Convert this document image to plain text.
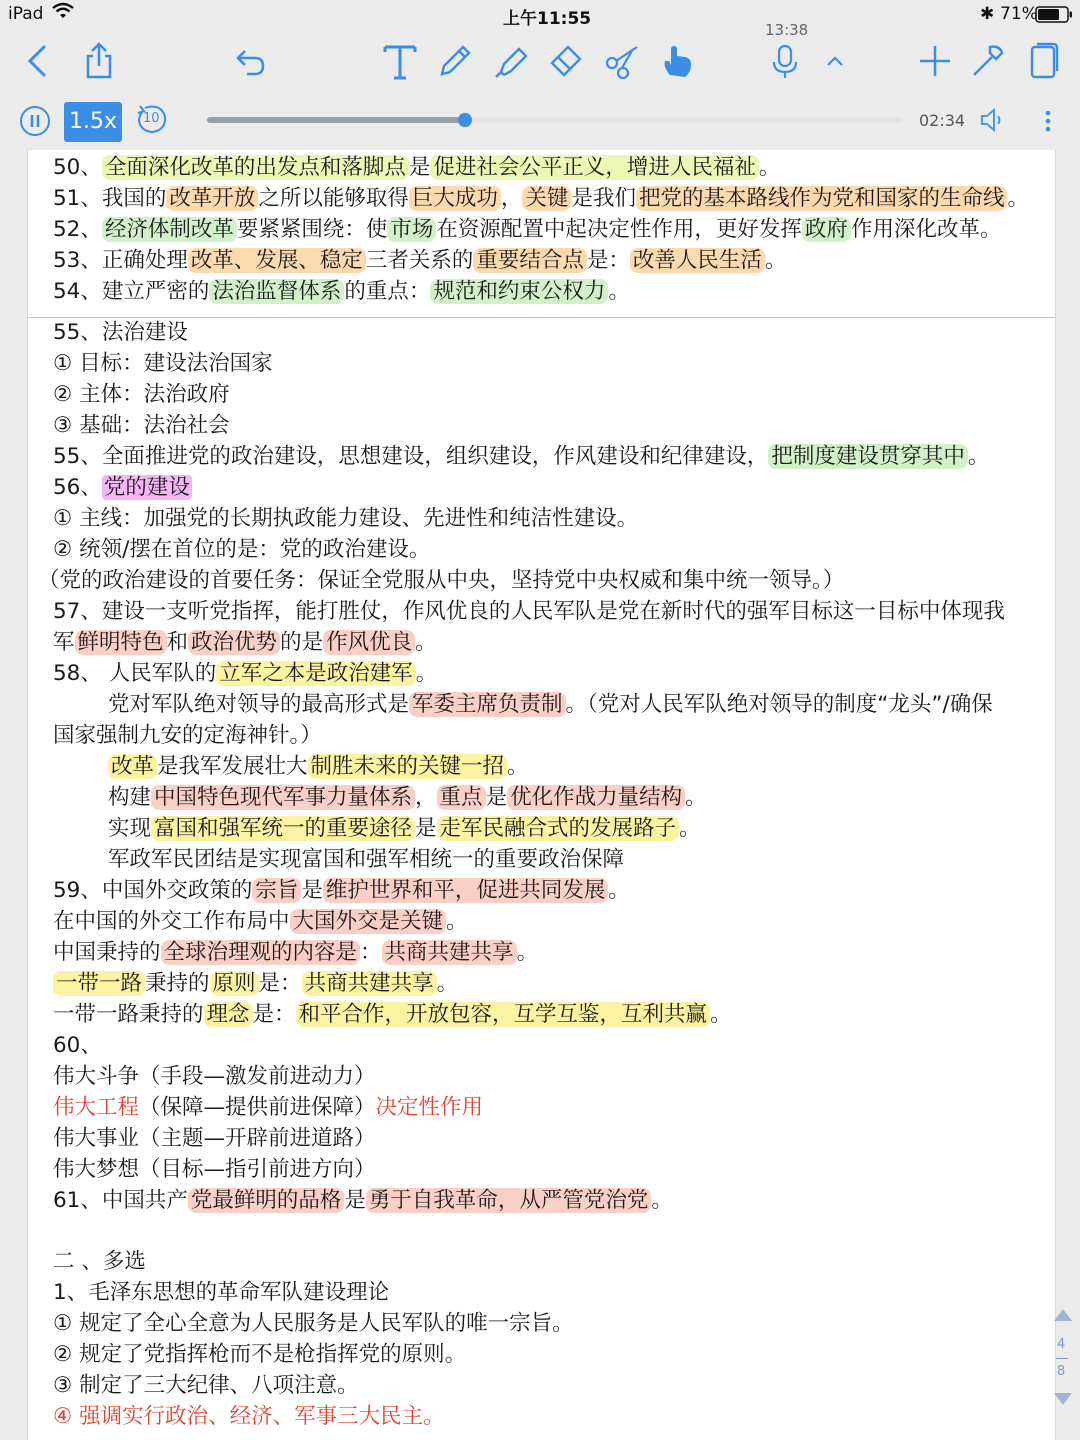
iPad	上午11:55	✱ 71%
13:38
1.5x	10	02:34
50、 全面深化改革的出发点和落脚点 是 促进社会公平正义，增进人民福祉 。
51、我国的 改革开放 之所以能够取得 巨大成功 ， 关键 是我们 把党的基本路线作为党和国家的生命线 。
52、 经济体制改革 要紧紧围绕：使 市场 在资源配置中起决定性作用，更好发挥 政府 作用深化改革。
53、正确处理 改革、发展、稳定 三者关系的 重要结合点 是： 改善人民生活 。
54、建立严密的 法治监督体系 的重点： 规范和约束公权力 。
55、法治建设
① 目标：建设法治国家
② 主体：法治政府
③ 基础：法治社会
55、全面推进党的政治建设，思想建设，组织建设，作风建设和纪律建设， 把制度建设贯穿其中 。
56、党的建设
① 主线：加强党的长期执政能力建设、先进性和纯洁性建设。
② 统领/摆在首位的是：党的政治建设。
（党的政治建设的首要任务：保证全党服从中央，坚持党中央权威和集中统一领导。）
57、建设一支听党指挥，能打胜仗，作风优良的人民军队是党在新时代的强军目标这一目标中体现我
军 鲜明特色 和 政治优势 的是 作风优良 。
58、 人民军队的 立军之本是政治建军 。
党对军队绝对领导的最高形式是 军委主席负责制 。（党对人民军队绝对领导的制度“龙头”/确保
国家强制九安的定海神针。）
改革 是我军发展壮大 制胜未来的关键一招 。
构建 中国特色现代军事力量体系 ， 重点 是 优化作战力量结构 。
实现 富国和强军统一的重要途径 是 走军民融合式的发展路子 。
军政军民团结是实现富国和强军相统一的重要政治保障
59、中国外交政策的 宗旨 是 维护世界和平，促进共同发展 。
在中国的外交工作布局中 大国外交是关键 。
中国秉持的 全球治理观的内容是 ： 共商共建共享 。
一带一路 秉持的 原则 是： 共商共建共享 。
一带一路秉持的 理念 是： 和平合作，开放包容，互学互鉴，互利共赢 。
60、
伟大斗争（手段—激发前进动力）
伟大工程（保障—提供前进保障）决定性作用
伟大事业（主题—开辟前进道路）
伟大梦想（目标—指引前进方向）
61、中国共产 党最鲜明的品格 是 勇于自我革命，从严管党治党 。
二 、多选
1、毛泽东思想的革命军队建设理论
① 规定了全心全意为人民服务是人民军队的唯一宗旨。
② 规定了党指挥枪而不是枪指挥党的原则。
③ 制定了三大纪律、八项注意。
④ 强调实行政治、经济、军事三大民主。
4
8
